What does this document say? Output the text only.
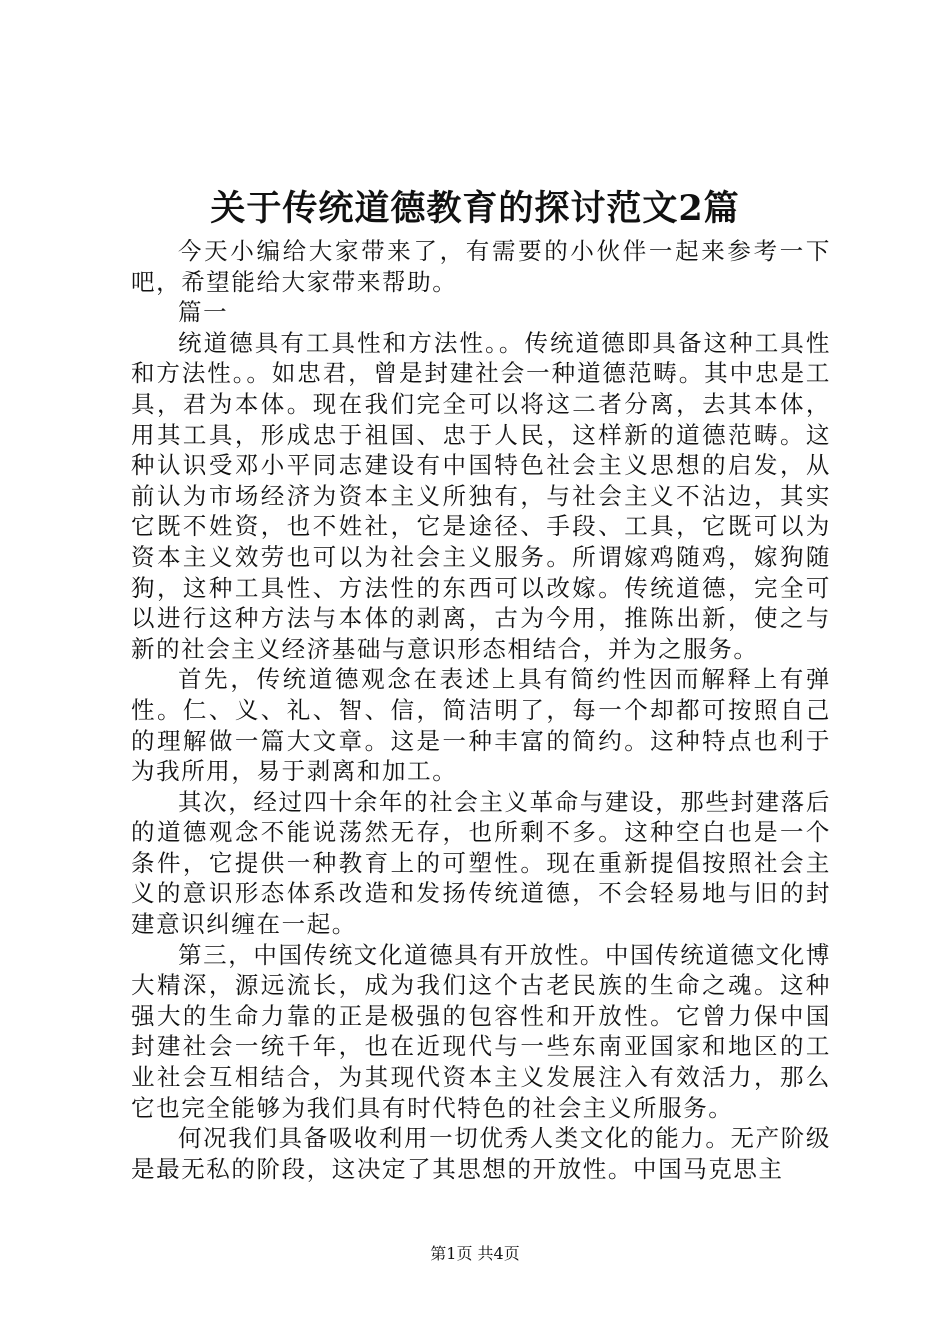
关于传统道德教育的探讨范文2篇

今天小编给大家带来了，有需要的小伙伴一起来参考一下吧，希望能给大家带来帮助。

篇一

统道德具有工具性和方法性。。传统道德即具备这种工具性和方法性。。如忠君，曾是封建社会一种道德范畴。其中忠是工具，君为本体。现在我们完全可以将这二者分离，去其本体，用其工具，形成忠于祖国、忠于人民，这样新的道德范畴。这种认识受邓小平同志建设有中国特色社会主义思想的启发，从前认为市场经济为资本主义所独有，与社会主义不沾边，其实它既不姓资，也不姓社，它是途径、手段、工具，它既可以为资本主义效劳也可以为社会主义服务。所谓嫁鸡随鸡，嫁狗随狗，这种工具性、方法性的东西可以改嫁。传统道德，完全可以进行这种方法与本体的剥离，古为今用，推陈出新，使之与新的社会主义经济基础与意识形态相结合，并为之服务。

首先，传统道德观念在表述上具有简约性因而解释上有弹性。仁、义、礼、智、信，简洁明了，每一个却都可按照自己的理解做一篇大文章。这是一种丰富的简约。这种特点也利于为我所用，易于剥离和加工。

其次，经过四十余年的社会主义革命与建设，那些封建落后的道德观念不能说荡然无存，也所剩不多。这种空白也是一个条件，它提供一种教育上的可塑性。现在重新提倡按照社会主义的意识形态体系改造和发扬传统道德，不会轻易地与旧的封建意识纠缠在一起。

第三，中国传统文化道德具有开放性。中国传统道德文化博大精深，源远流长，成为我们这个古老民族的生命之魂。这种强大的生命力靠的正是极强的包容性和开放性。它曾力保中国封建社会一统千年，也在近现代与一些东南亚国家和地区的工业社会互相结合，为其现代资本主义发展注入有效活力，那么它也完全能够为我们具有时代特色的社会主义所服务。

何况我们具备吸收利用一切优秀人类文化的能力。无产阶级是最无私的阶段，这决定了其思想的开放性。中国马克思主

第1页 共4页
